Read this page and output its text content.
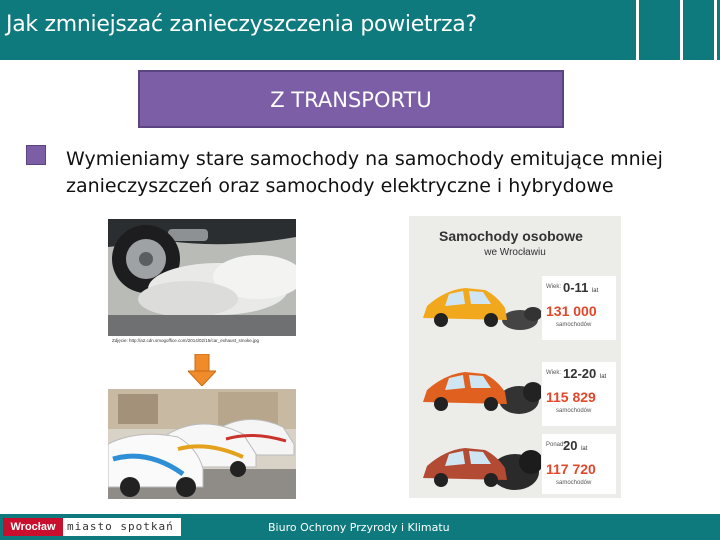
Jak zmniejszać zanieczyszczenia powietrza?
Z TRANSPORTU
Wymieniamy stare samochody na samochody emitujące mniej zanieczyszczeń oraz samochody elektryczne i hybrydowe
Zdjęcie: http://a2.cdn.smogoffice.com/2014/02/15/car_exhaust_smoke.jpg
Samochody osobowe
we Wrocławiu
Wiek: 0-11 lat
131 000
samochodów
Wiek: 12-20 lat
115 829
samochodów
Ponad:
20 lat
117 720
samochodów
Wrocław	miasto spotkań	Biuro Ochrony Przyrody i Klimatu
